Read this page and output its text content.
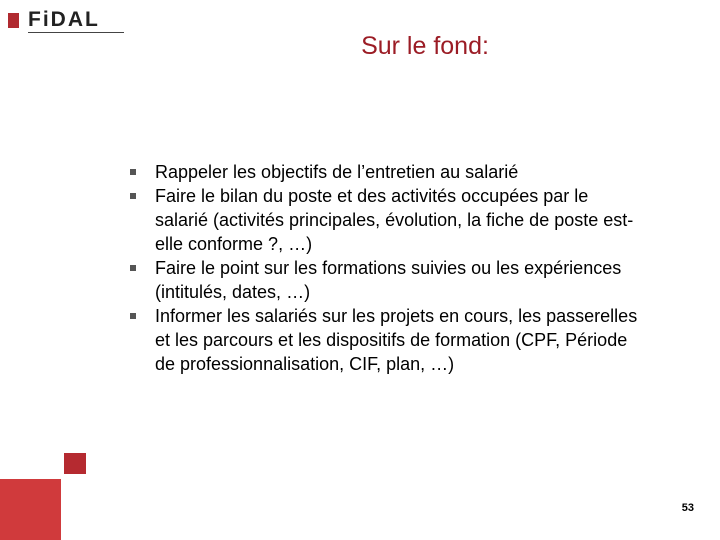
FiDAL
Sur le fond:
Rappeler les objectifs de l’entretien au salarié
Faire le bilan du poste et des activités occupées par le salarié (activités principales, évolution, la fiche de poste est-elle conforme ?, …)
Faire le point sur les formations suivies ou les expériences (intitulés, dates, …)
Informer les salariés sur les projets en cours, les passerelles et les parcours et les dispositifs de formation (CPF, Période de professionnalisation, CIF, plan, …)
53
